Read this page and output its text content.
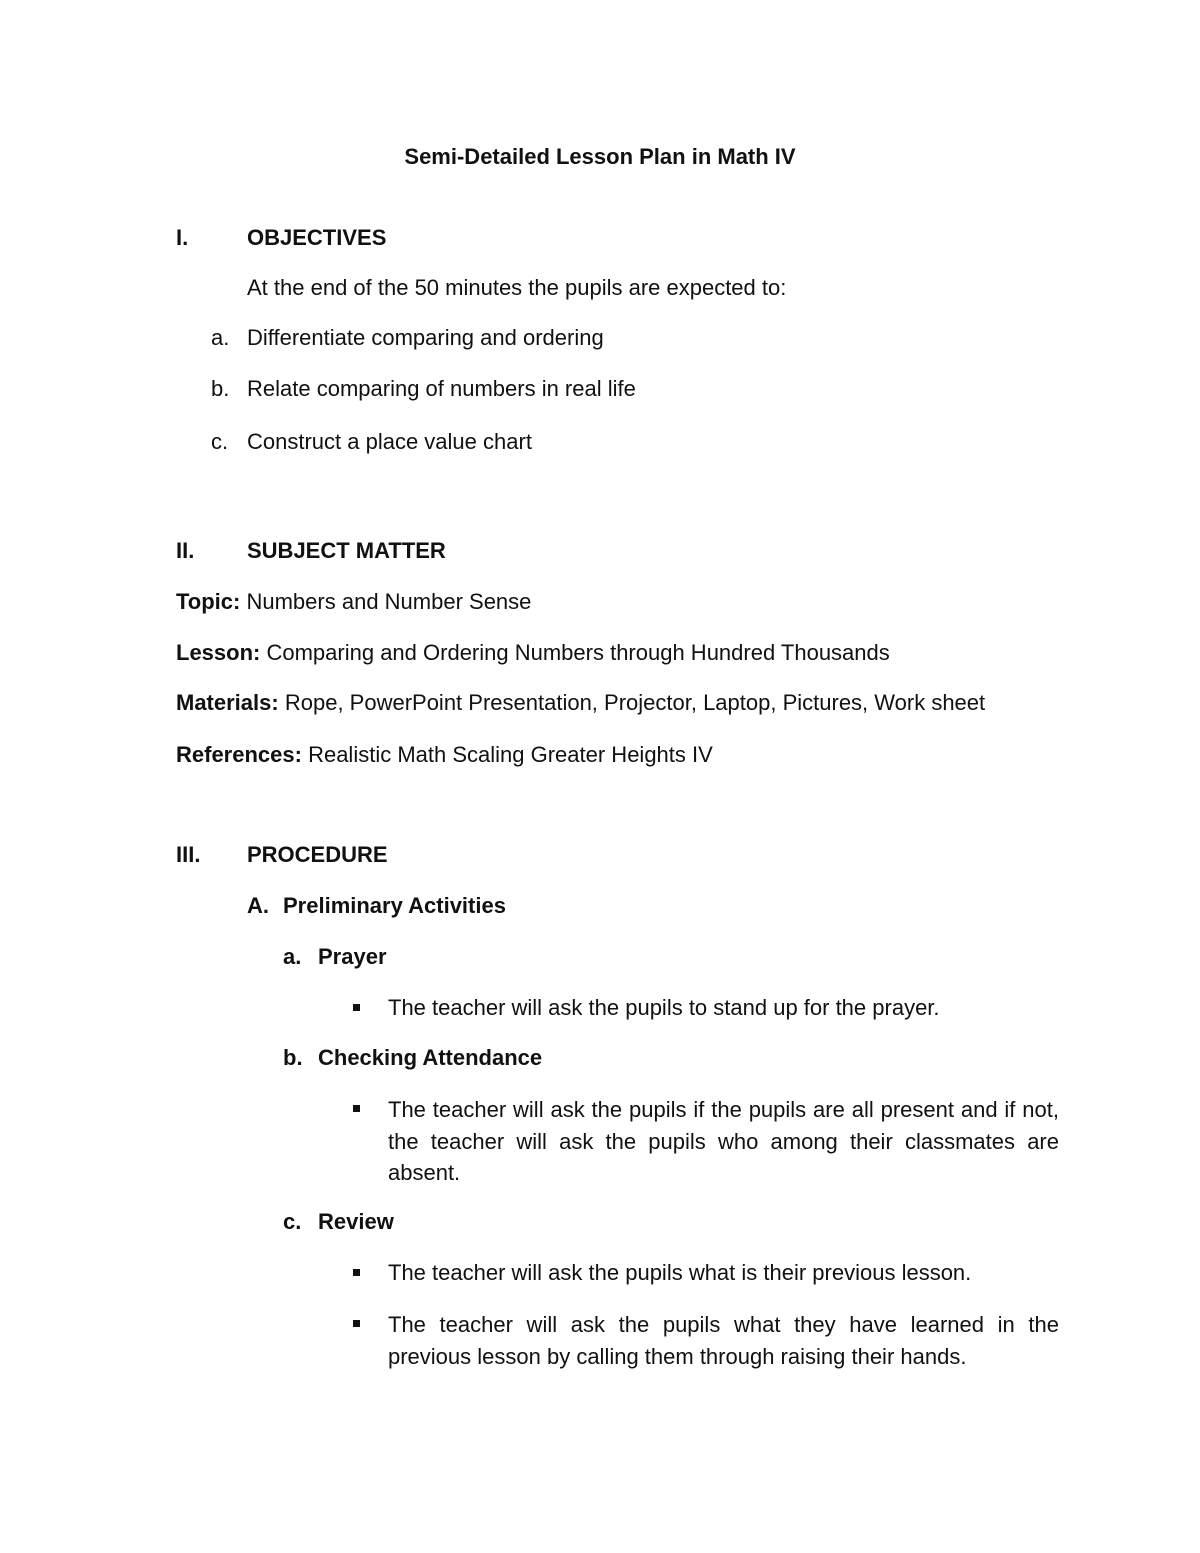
Semi-Detailed Lesson Plan in Math IV
I.	OBJECTIVES
At the end of the 50 minutes the pupils are expected to:
a. Differentiate comparing and ordering
b. Relate comparing of numbers in real life
c. Construct a place value chart
II. SUBJECT MATTER
Topic: Numbers and Number Sense
Lesson: Comparing and Ordering Numbers through Hundred Thousands
Materials: Rope, PowerPoint Presentation, Projector, Laptop, Pictures, Work sheet
References: Realistic Math Scaling Greater Heights IV
III. PROCEDURE
A. Preliminary Activities
a. Prayer
The teacher will ask the pupils to stand up for the prayer.
b. Checking Attendance
The teacher will ask the pupils if the pupils are all present and if not, the teacher will ask the pupils who among their classmates are absent.
c. Review
The teacher will ask the pupils what is their previous lesson.
The teacher will ask the pupils what they have learned in the previous lesson by calling them through raising their hands.
